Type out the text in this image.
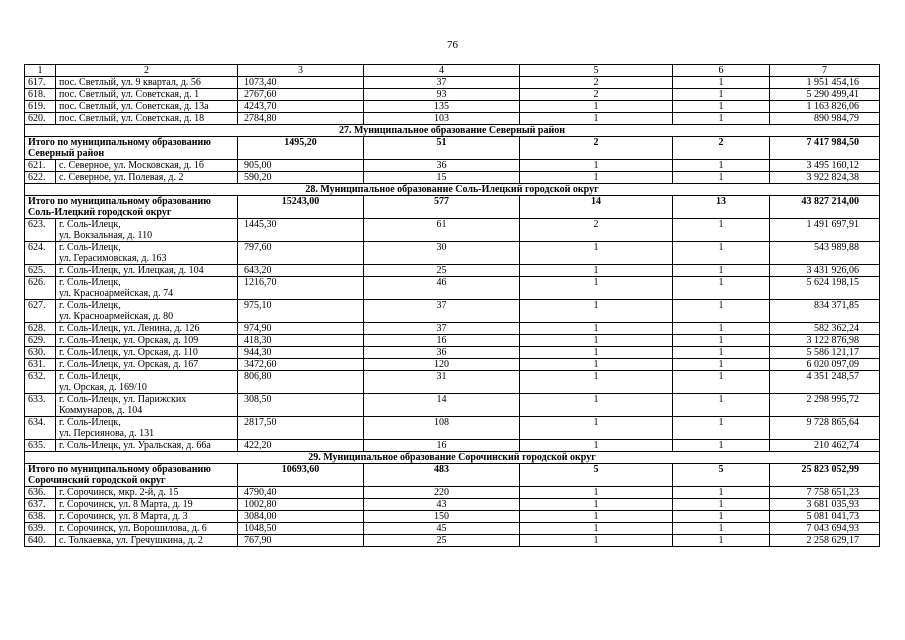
76
1	2	3	4	5	6	7
617.	пос. Светлый, ул. 9 квартал, д. 56	1073,40	37	2	1	1 951 454,16
618.	пос. Светлый, ул. Советская, д. 1	2767,60	93	2	1	5 290 499,41
619.	пос. Светлый, ул. Советская, д. 13а	4243,70	135	1	1	1 163 826,06
620.	пос. Светлый, ул. Советская, д. 18	2784,80	103	1	1	890 984,79
27. Муниципальное образование Северный район						
Итого по муниципальному образованию
Северный район		1495,20	51	2	2	7 417 984,50
621.	с. Северное, ул. Московская, д. 1б	905,00	36	1	1	3 495 160,12
622.	с. Северное, ул. Полевая, д. 2	590,20	15	1	1	3 922 824,38
28. Муниципальное образование Соль-Илецкий городской округ						
Итого по муниципальному образованию
Соль-Илецкий городской округ		15243,00	577	14	13	43 827 214,00
623.	г. Соль-Илецк,
ул. Вокзальная, д. 110	1445,30	61	2	1	1 491 697,91
624.	г. Соль-Илецк,
ул. Герасимовская, д. 163	797,60	30	1	1	543 989,88
625.	г. Соль-Илецк, ул. Илецкая, д. 104	643,20	25	1	1	3 431 926,06
626.	г. Соль-Илецк,
ул. Красноармейская, д. 74	1216,70	46	1	1	5 624 198,15
627.	г. Соль-Илецк,
ул. Красноармейская, д. 80	975,10	37	1	1	834 371,85
628.	г. Соль-Илецк, ул. Ленина, д. 126	974,90	37	1	1	582 362,24
629.	г. Соль-Илецк, ул. Орская, д. 109	418,30	16	1	1	3 122 876,98
630.	г. Соль-Илецк, ул. Орская, д. 110	944,30	36	1	1	5 586 121,17
631.	г. Соль-Илецк, ул. Орская, д. 167	3472,60	120	1	1	6 020 097,09
632.	г. Соль-Илецк,
ул. Орская, д. 169/10	806,80	31	1	1	4 351 248,57
633.	г. Соль-Илецк, ул. Парижских
Коммунаров, д. 104	308,50	14	1	1	2 298 995,72
634.	г. Соль-Илецк,
ул. Персиянова, д. 131	2817,50	108	1	1	9 728 865,64
635.	г. Соль-Илецк, ул. Уральская, д. 66а	422,20	16	1	1	210 462,74
29. Муниципальное образование Сорочинский городской округ						
Итого по муниципальному образованию
Сорочинский городской округ		10693,60	483	5	5	25 823 052,99
636.	г. Сорочинск, мкр. 2-й, д. 15	4790,40	220	1	1	7 758 651,23
637.	г. Сорочинск, ул. 8 Марта, д. 19	1002,80	43	1	1	3 681 035,93
638.	г. Сорочинск, ул. 8 Марта, д. 3	3084,00	150	1	1	5 081 041,73
639.	г. Сорочинск, ул. Ворошилова, д. 6	1048,50	45	1	1	7 043 694,93
640.	с. Толкаевка, ул. Гречушкина, д. 2	767,90	25	1	1	2 258 629,17
